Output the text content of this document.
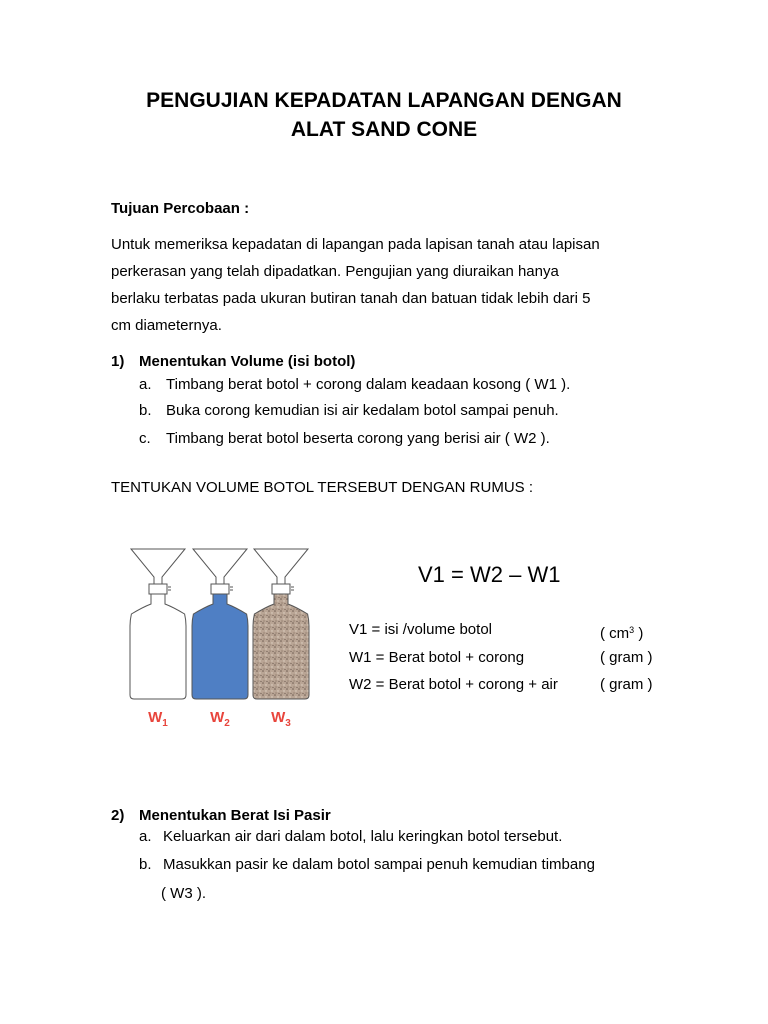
PENGUJIAN KEPADATAN LAPANGAN DENGAN
ALAT SAND CONE

Tujuan Percobaan :

Untuk memeriksa kepadatan di lapangan pada lapisan tanah atau lapisan
perkerasan yang telah dipadatkan. Pengujian yang diuraikan hanya
berlaku terbatas pada ukuran butiran tanah dan batuan tidak lebih dari 5
cm diameternya.

1) Menentukan Volume (isi botol)

a. Timbang berat botol + corong dalam keadaan kosong ( W1 ).

b. Buka corong kemudian isi air kedalam botol sampai penuh.

c. Timbang berat botol beserta corong yang berisi air ( W2 ).

TENTUKAN VOLUME BOTOL TERSEBUT DENGAN RUMUS :

$W_1$	$W_2$	$W_3$
V1 = W2 – W1
V1 = isi /volume botol	( $cm^3$ )
W1 = Berat botol + corong	( gram )
W2 = Berat botol + corong + air	( gram )

2) Menentukan Berat Isi Pasir

a. Keluarkan air dari dalam botol, lalu keringkan botol tersebut.

b. Masukkan pasir ke dalam botol sampai penuh kemudian timbang

( W3 ).
